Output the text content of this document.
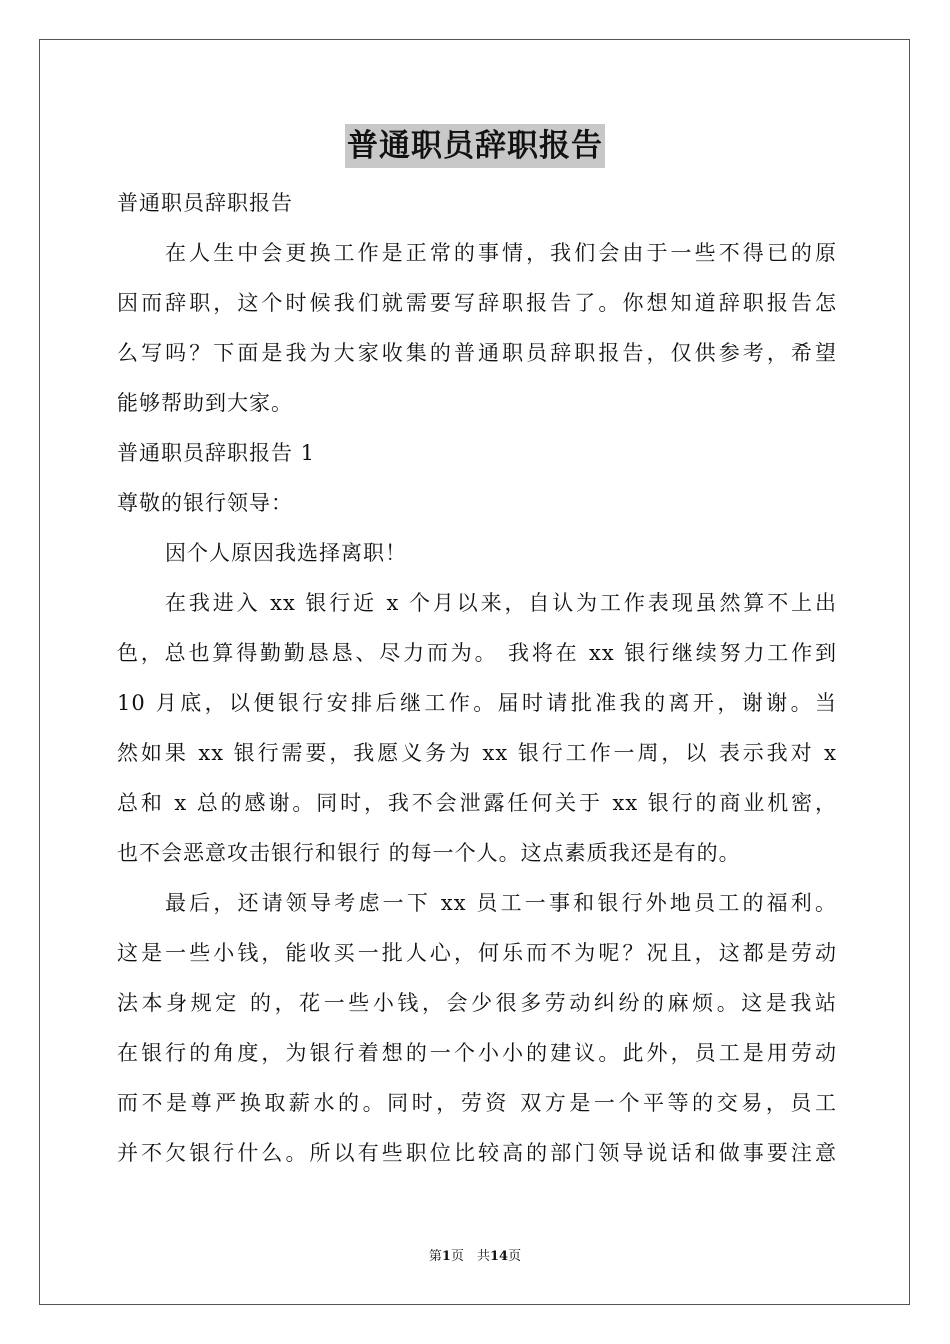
普通职员辞职报告
普通职员辞职报告
在人生中会更换工作是正常的事情，我们会由于一些不得已的原
因而辞职，这个时候我们就需要写辞职报告了。你想知道辞职报告怎
么写吗？下面是我为大家收集的普通职员辞职报告，仅供参考，希望
能够帮助到大家。
普通职员辞职报告 1
尊敬的银行领导：
因个人原因我选择离职！
在我进入 xx 银行近 x 个月以来，自认为工作表现虽然算不上出
色，总也算得勤勤恳恳、尽力而为。 我将在 xx 银行继续努力工作到
10 月底，以便银行安排后继工作。届时请批准我的离开，谢谢。当
然如果 xx 银行需要，我愿义务为 xx 银行工作一周，以 表示我对 x
总和 x 总的感谢。同时，我不会泄露任何关于 xx 银行的商业机密，
也不会恶意攻击银行和银行 的每一个人。这点素质我还是有的。
最后，还请领导考虑一下 xx 员工一事和银行外地员工的福利。
这是一些小钱，能收买一批人心，何乐而不为呢？况且，这都是劳动
法本身规定 的，花一些小钱，会少很多劳动纠纷的麻烦。这是我站
在银行的角度，为银行着想的一个小小的建议。此外，员工是用劳动
而不是尊严换取薪水的。同时，劳资 双方是一个平等的交易，员工
并不欠银行什么。所以有些职位比较高的部门领导说话和做事要注意
第1页　共14页
